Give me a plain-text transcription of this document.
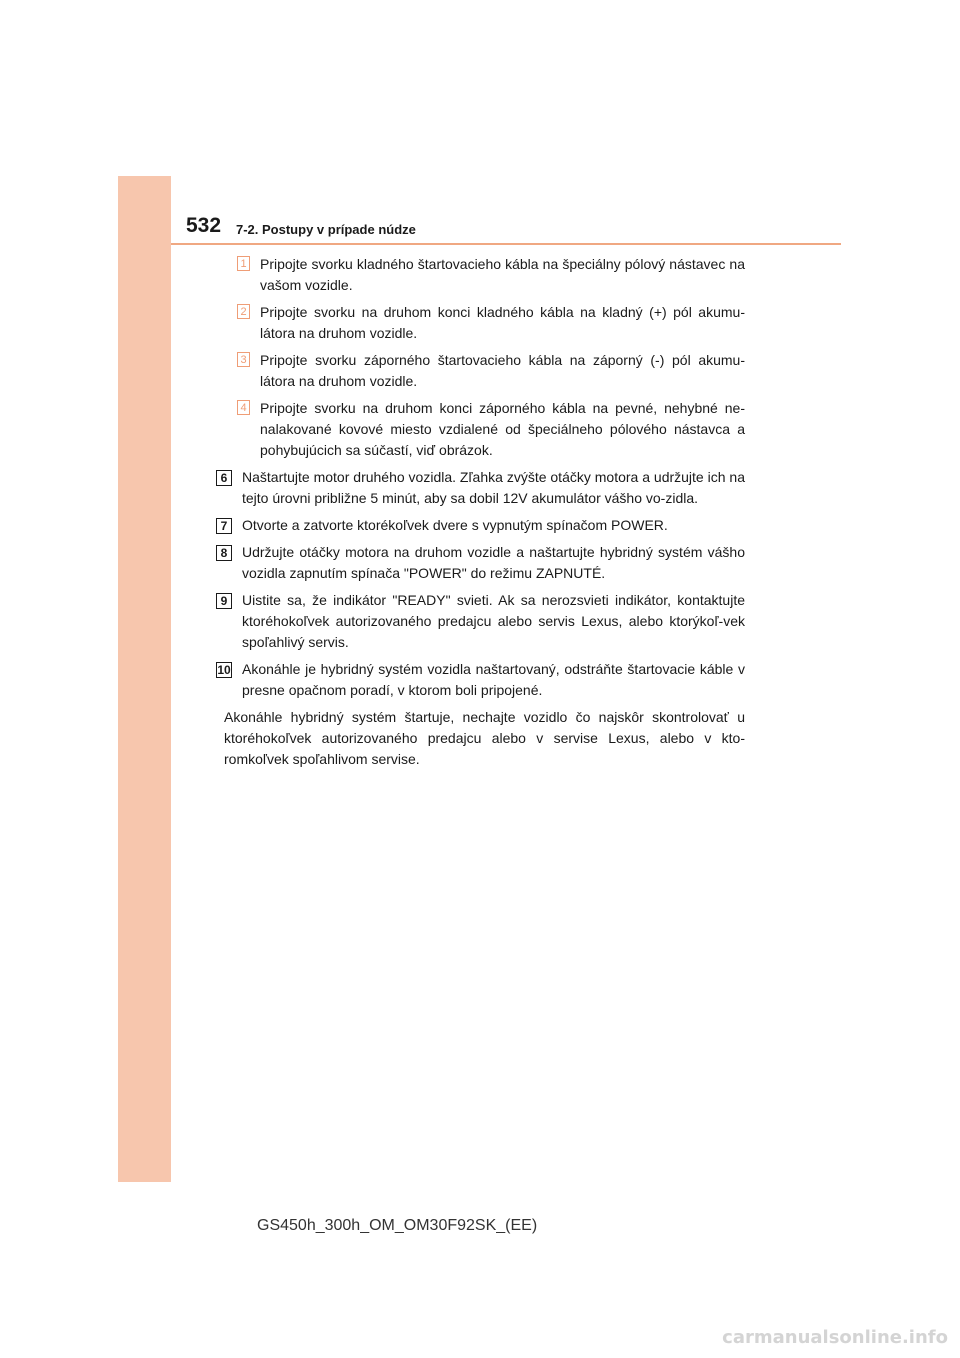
532 7-2. Postupy v prípade núdze
1 Pripojte svorku kladného štartovacieho kábla na špeciálny pólový nástavec na vašom vozidle.
2 Pripojte svorku na druhom konci kladného kábla na kladný (+) pól akumu-látora na druhom vozidle.
3 Pripojte svorku záporného štartovacieho kábla na záporný (-) pól akumu-látora na druhom vozidle.
4 Pripojte svorku na druhom konci záporného kábla na pevné, nehybné ne-nalakované kovové miesto vzdialené od špeciálneho pólového nástavca a pohybujúcich sa súčastí, viď obrázok.
6	Naštartujte motor druhého vozidla. Zľahka zvýšte otáčky motora a udržujte ich na tejto úrovni približne 5 minút, aby sa dobil 12V akumulátor vášho vo-zidla.
7	Otvorte a zatvorte ktorékoľvek dvere s vypnutým spínačom POWER.
8	Udržujte otáčky motora na druhom vozidle a naštartujte hybridný systém vášho vozidla zapnutím spínača "POWER" do režimu ZAPNUTÉ.
9	Uistite sa, že indikátor "READY" svieti. Ak sa nerozsvieti indikátor, kontaktujte ktoréhokoľvek autorizovaného predajcu alebo servis Lexus, alebo ktorýkoľ-vek spoľahlivý servis.
10 Akonáhle je hybridný systém vozidla naštartovaný, odstráňte štartovacie káble v presne opačnom poradí, v ktorom boli pripojené.
Akonáhle hybridný systém štartuje, nechajte vozidlo čo najskôr skontrolovať u ktoréhokoľvek autorizovaného predajcu alebo v servise Lexus, alebo v kto-romkoľvek spoľahlivom servise.
GS450h_300h_OM_OM30F92SK_(EE)
carmanualsonline.info
